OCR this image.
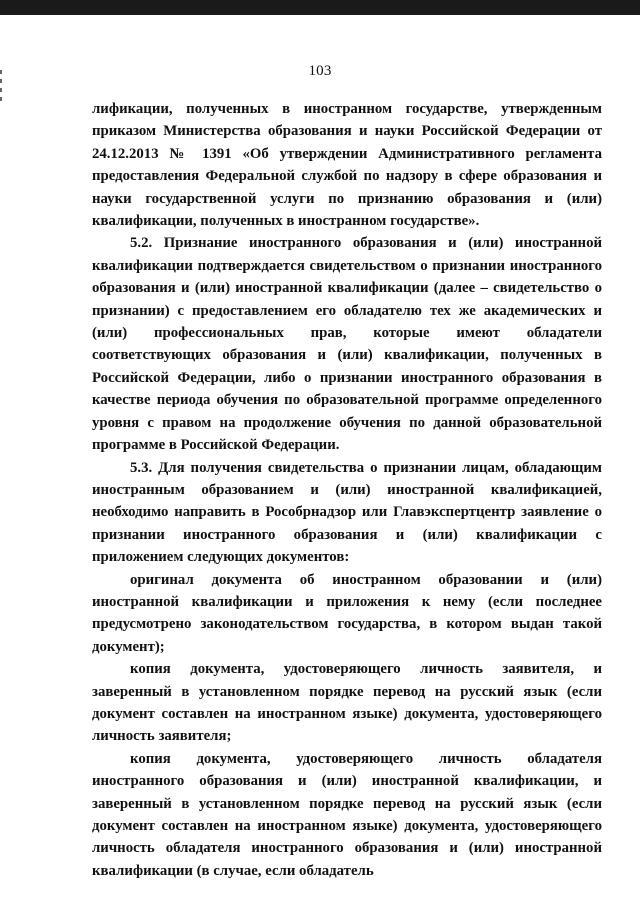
103

лификации, полученных в иностранном государстве, утвержденным приказом Министерства образования и науки Российской Федерации от 24.12.2013 № 1391 «Об утверждении Административного регламента предоставления Федеральной службой по надзору в сфере образования и науки государственной услуги по признанию образования и (или) квалификации, полученных в иностранном государстве».

5.2. Признание иностранного образования и (или) иностранной квалификации подтверждается свидетельством о признании иностранного образования и (или) иностранной квалификации (далее – свидетельство о признании) с предоставлением его обладателю тех же академических и (или) профессиональных прав, которые имеют обладатели соответствующих образования и (или) квалификации, полученных в Российской Федерации, либо о признании иностранного образования в качестве периода обучения по образовательной программе определенного уровня с правом на продолжение обучения по данной образовательной программе в Российской Федерации.

5.3. Для получения свидетельства о признании лицам, обладающим иностранным образованием и (или) иностранной квалификацией, необходимо направить в Рособрнадзор или Главэкспертцентр заявление о признании иностранного образования и (или) квалификации с приложением следующих документов:

оригинал документа об иностранном образовании и (или) иностранной квалификации и приложения к нему (если последнее предусмотрено законодательством государства, в котором выдан такой документ);

копия документа, удостоверяющего личность заявителя, и заверенный в установленном порядке перевод на русский язык (если документ составлен на иностранном языке) документа, удостоверяющего личность заявителя;

копия документа, удостоверяющего личность обладателя иностранного образования и (или) иностранной квалификации, и заверенный в установленном порядке перевод на русский язык (если документ составлен на иностранном языке) документа, удостоверяющего личность обладателя иностранного образования и (или) иностранной квалификации (в случае, если обладатель
